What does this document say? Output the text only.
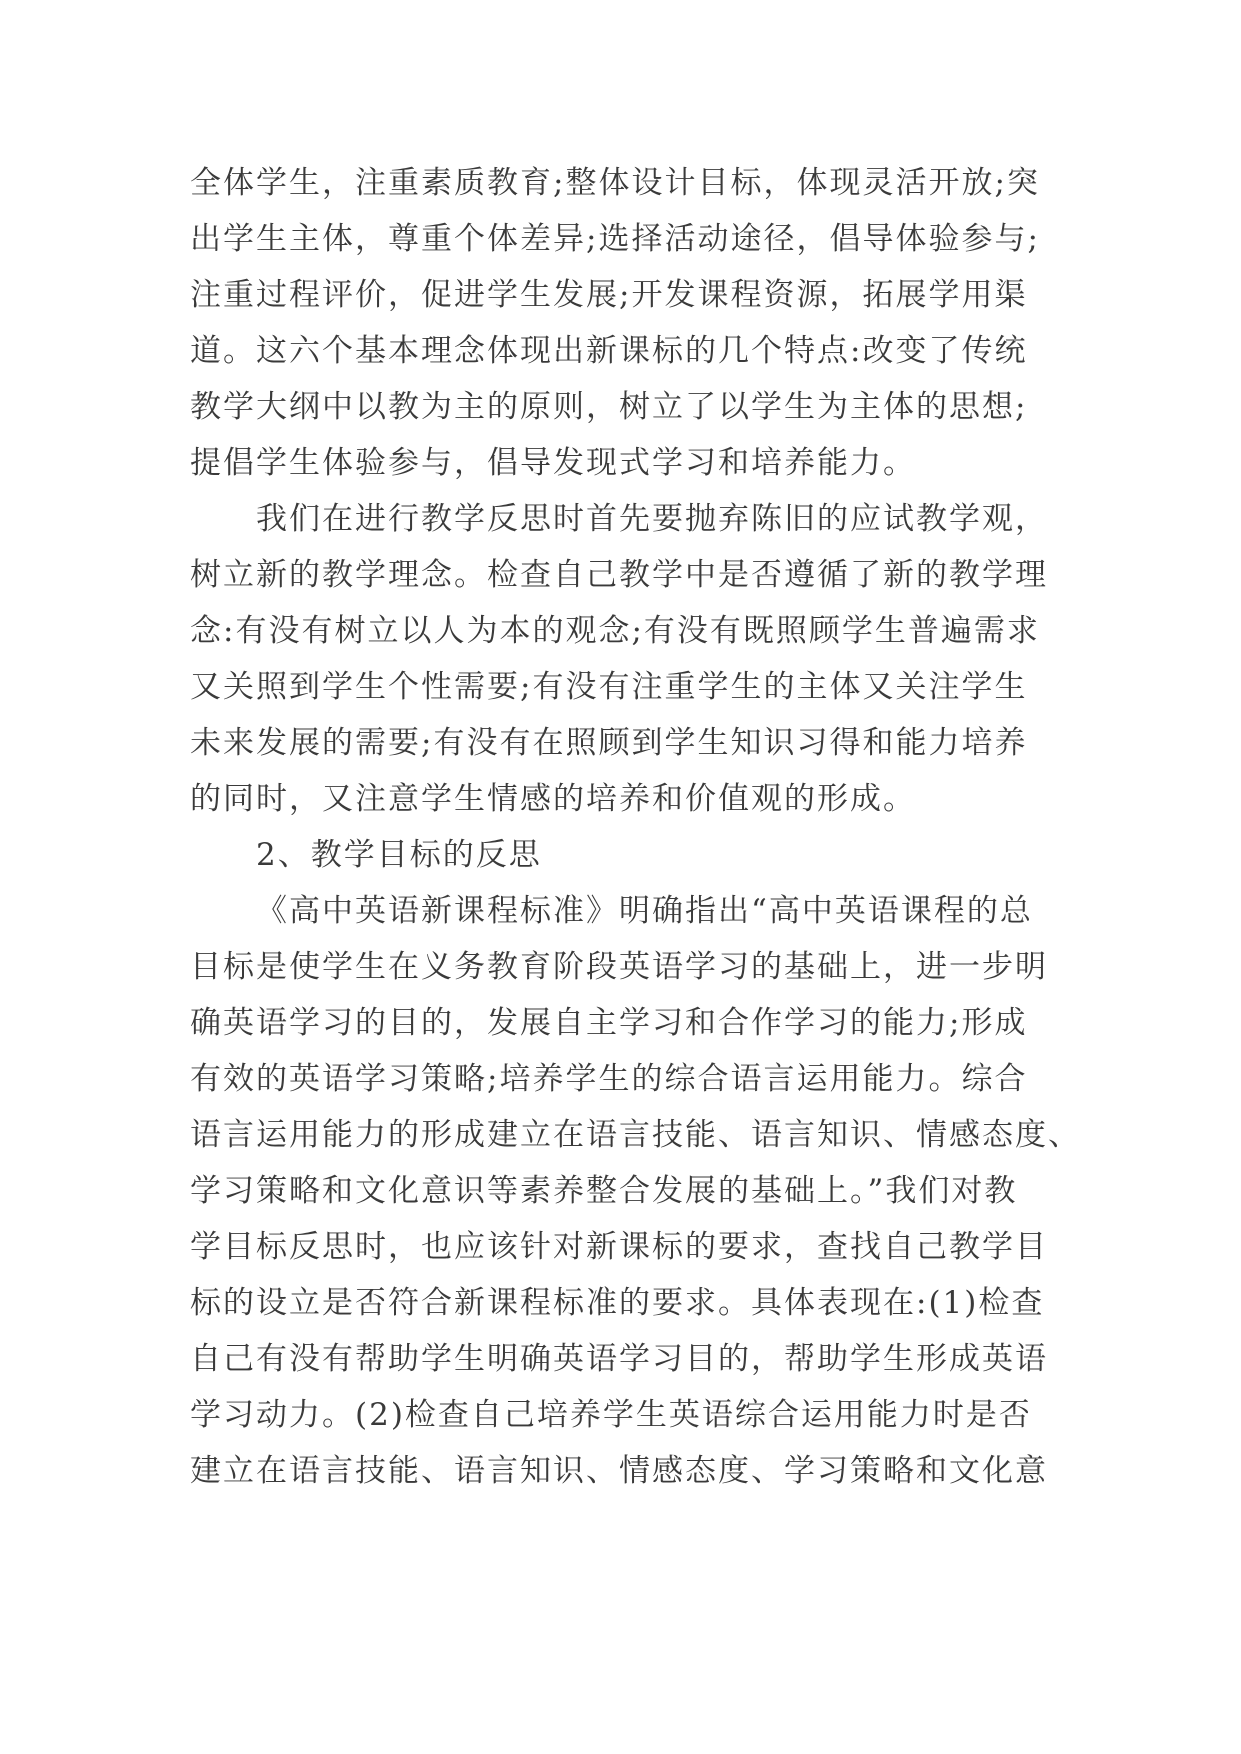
全体学生，注重素质教育;整体设计目标，体现灵活开放;突
出学生主体，尊重个体差异;选择活动途径，倡导体验参与;
注重过程评价，促进学生发展;开发课程资源，拓展学用渠
道。这六个基本理念体现出新课标的几个特点:改变了传统
教学大纲中以教为主的原则，树立了以学生为主体的思想;
提倡学生体验参与，倡导发现式学习和培养能力。
我们在进行教学反思时首先要抛弃陈旧的应试教学观，
树立新的教学理念。检查自己教学中是否遵循了新的教学理
念:有没有树立以人为本的观念;有没有既照顾学生普遍需求
又关照到学生个性需要;有没有注重学生的主体又关注学生
未来发展的需要;有没有在照顾到学生知识习得和能力培养
的同时，又注意学生情感的培养和价值观的形成。
2、教学目标的反思
《高中英语新课程标准》明确指出“高中英语课程的总
目标是使学生在义务教育阶段英语学习的基础上，进一步明
确英语学习的目的，发展自主学习和合作学习的能力;形成
有效的英语学习策略;培养学生的综合语言运用能力。综合
语言运用能力的形成建立在语言技能、语言知识、情感态度、
学习策略和文化意识等素养整合发展的基础上。”我们对教
学目标反思时，也应该针对新课标的要求，查找自己教学目
标的设立是否符合新课程标准的要求。具体表现在:(1)检查
自己有没有帮助学生明确英语学习目的，帮助学生形成英语
学习动力。(2)检查自己培养学生英语综合运用能力时是否
建立在语言技能、语言知识、情感态度、学习策略和文化意
